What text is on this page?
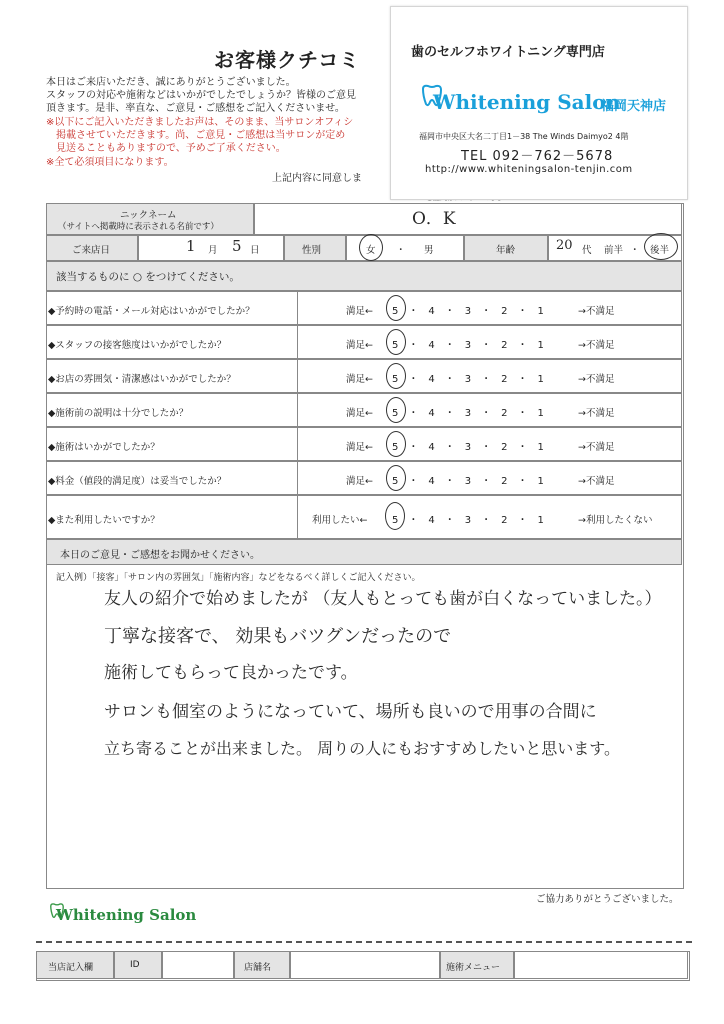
お客様クチコミ
本日はご来店いただき、誠にありがとうございました。
スタッフの対応や施術などはいかがでしたでしょうか？皆様のご意見
頂きます。是非、率直な、ご意見・ご感想をご記入くださいませ。
※以下にご記入いただきましたお声は、そのまま、当サロンオフィシ
　掲載させていただきます。尚、ご意見・ご感想は当サロンが定め
　見送ることもありますので、予めご了承ください。
※全て必須項目になります。
上記内容に同意しま
歯のセルフホワイトニング専門店
Whitening Salon
福岡天神店
福岡市中央区大名二丁目1－38 The Winds Daimyo2 4階
TEL 092－762－5678
http://www.whiteningsalon-tenjin.com
ニックネーム
（サイトへ掲載時に表示される名前です）	O．K
ご来店日	1 月 5 日	性別	女 ・ 男	年齢	20 代 前半 ・ 後半
該当するものに ○ をつけてください。
◆予約時の電話・メール対応はいかがでしたか？	満足← 5　・　4　・　3　・　2　・　1	→不満足
◆スタッフの接客態度はいかがでしたか？	満足← 5　・　4　・　3　・　2　・　1	→不満足
◆お店の雰囲気・清潔感はいかがでしたか？	満足← 5　・　4　・　3　・　2　・　1	→不満足
◆施術前の説明は十分でしたか？	満足← 5　・　4　・　3　・　2　・　1	→不満足
◆施術はいかがでしたか？	満足← 5　・　4　・　3　・　2　・　1	→不満足
◆料金（値段的満足度）は妥当でしたか？	満足← 5　・　4　・　3　・　2　・　1	→不満足
◆また利用したいですか？	利用したい← 5　・　4　・　3　・　2　・　1	→利用したくない
本日のご意見・ご感想をお聞かせください。
記入例）「接客」「サロン内の雰囲気」「施術内容」などをなるべく詳しくご記入ください。
友人の紹介で始めましたが （友人もとっても歯が白くなっていました。）
丁寧な接客で、 効果もバツグンだったので
施術してもらって良かったです。
サロンも個室のようになっていて、場所も良いので用事の合間に
立ち寄ることが出来ました。 周りの人にもおすすめしたいと思います。
ご協力ありがとうございました。
Whitening Salon
当店記入欄	ID	店舗名	施術メニュー
